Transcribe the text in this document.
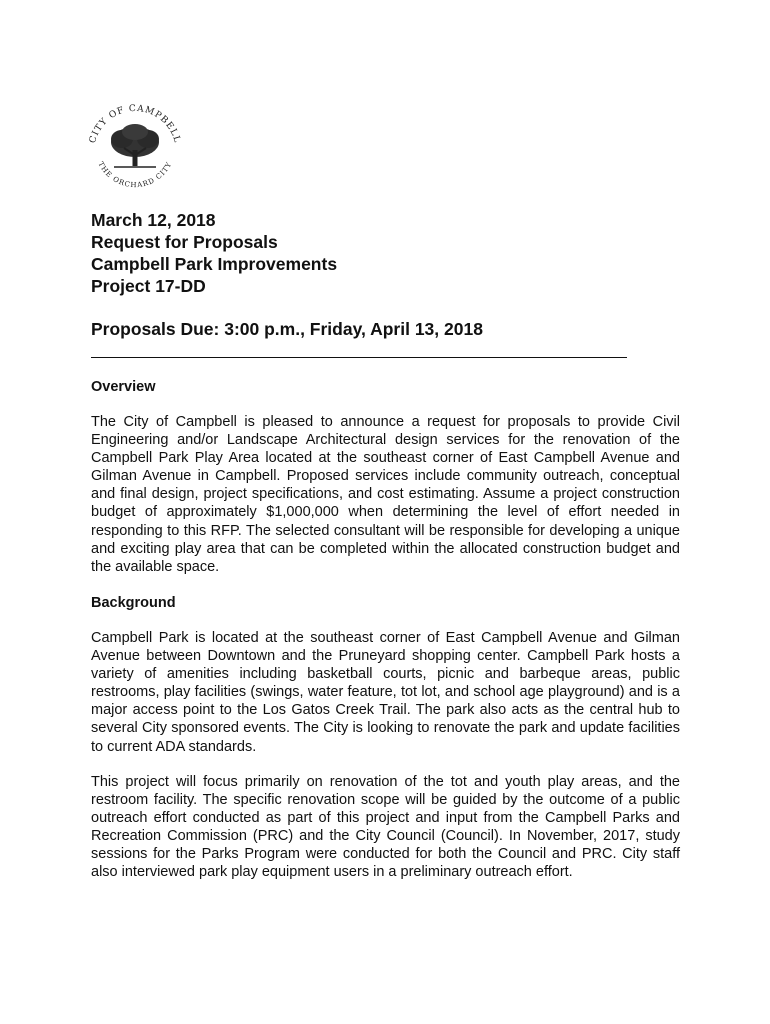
CITY OF CAMPBELL
THE ORCHARD CITY
March 12, 2018
Request for Proposals
Campbell Park Improvements
Project 17-DD
Proposals Due: 3:00 p.m., Friday, April 13, 2018
Overview
The City of Campbell is pleased to announce a request for proposals to provide Civil Engineering and/or Landscape Architectural design services for the renovation of the Campbell Park Play Area located at the southeast corner of East Campbell Avenue and Gilman Avenue in Campbell. Proposed services include community outreach, conceptual and final design, project specifications, and cost estimating. Assume a project construction budget of approximately $1,000,000 when determining the level of effort needed in responding to this RFP. The selected consultant will be responsible for developing a unique and exciting play area that can be completed within the allocated construction budget and the available space.
Background
Campbell Park is located at the southeast corner of East Campbell Avenue and Gilman Avenue between Downtown and the Pruneyard shopping center. Campbell Park hosts a variety of amenities including basketball courts, picnic and barbeque areas, public restrooms, play facilities (swings, water feature, tot lot, and school age playground) and is a major access point to the Los Gatos Creek Trail. The park also acts as the central hub to several City sponsored events. The City is looking to renovate the park and update facilities to current ADA standards.
This project will focus primarily on renovation of the tot and youth play areas, and the restroom facility. The specific renovation scope will be guided by the outcome of a public outreach effort conducted as part of this project and input from the Campbell Parks and Recreation Commission (PRC) and the City Council (Council). In November, 2017, study sessions for the Parks Program were conducted for both the Council and PRC. City staff also interviewed park play equipment users in a preliminary outreach effort.
